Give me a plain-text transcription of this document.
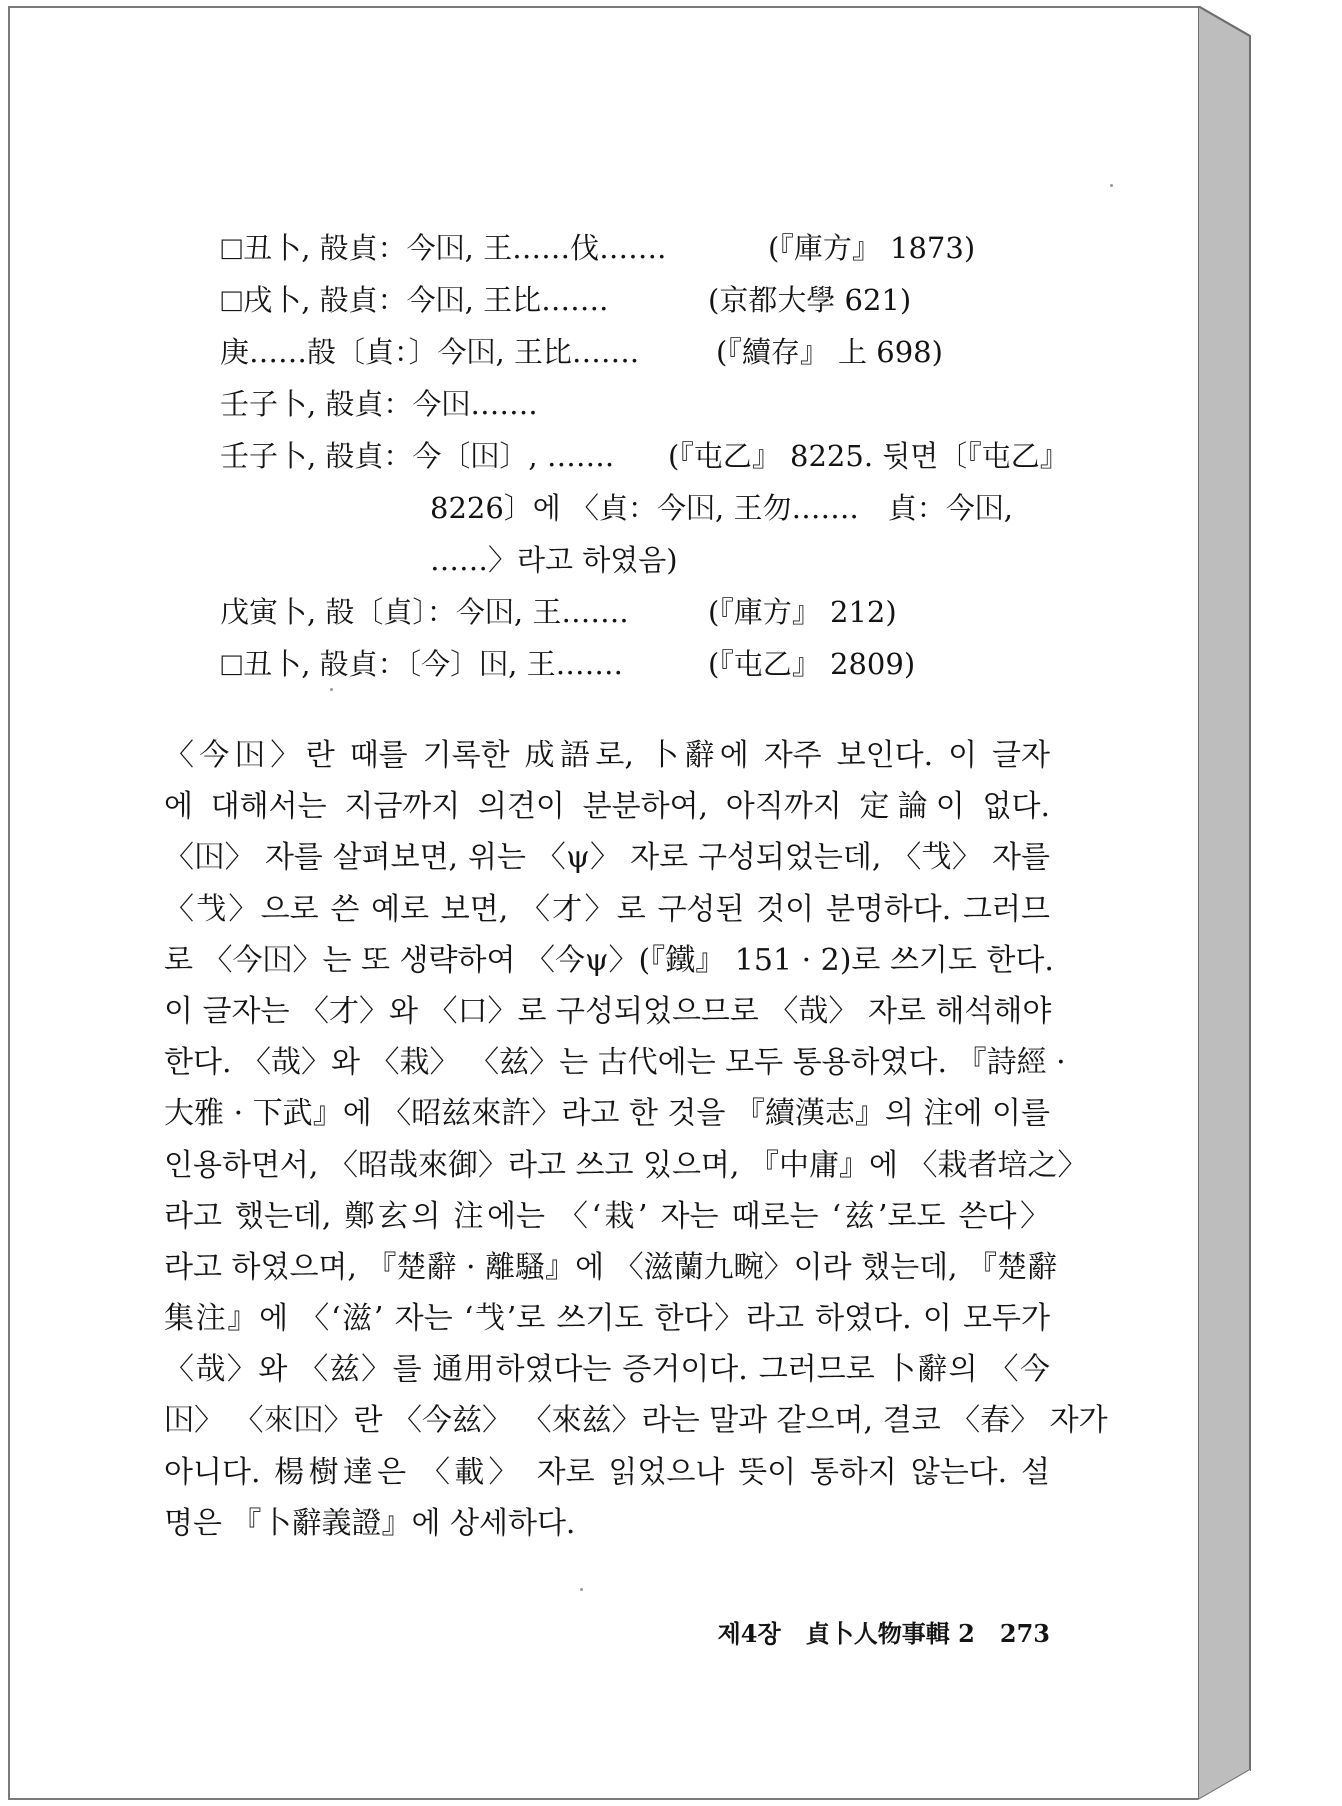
☐丑卜, 㱿貞：今𡆥, 王……伐…….	(『庫方』 1873)
☐戌卜, 㱿貞：今𡆥, 王比…….	(京都大學 621)
庚……㱿〔貞：〕今𡆥, 王比…….	(『續存』 上 698)
壬子卜, 㱿貞：今𡆥…….
壬子卜, 㱿貞：今〔𡆥〕, ……. (『屯乙』 8225. 뒷면〔『屯乙』
8226〕에 〈貞：今𡆥, 王勿…….　貞：今𡆥,
……〉라고 하였음)
戊寅卜, 㱿〔貞〕：今𡆥, 王…….	(『庫方』 212)
☐丑卜, 㱿貞：〔今〕𡆥, 王…….	(『屯乙』 2809)
〈今𡆥〉란 때를 기록한 成語로, 卜辭에 자주 보인다. 이 글자
에 대해서는 지금까지 의견이 분분하여, 아직까지 定論이 없다.
〈𡆥〉 자를 살펴보면, 위는 〈ψ〉 자로 구성되었는데, 〈𢦏〉 자를
〈𢦏〉으로 쓴 예로 보면, 〈才〉로 구성된 것이 분명하다. 그러므
로 〈今𡆥〉는 또 생략하여 〈今ψ〉(『鐵』 151 · 2)로 쓰기도 한다.
이 글자는 〈才〉와 〈口〉로 구성되었으므로 〈哉〉 자로 해석해야
한다. 〈哉〉와 〈栽〉 〈兹〉는 古代에는 모두 통용하였다. 『詩經 ·
大雅 · 下武』에 〈昭兹來許〉라고 한 것을 『續漢志』의 注에 이를
인용하면서, 〈昭哉來御〉라고 쓰고 있으며, 『中庸』에 〈栽者培之〉
라고 했는데, 鄭玄의 注에는 〈‘栽’ 자는 때로는 ‘兹’로도 쓴다〉
라고 하였으며, 『楚辭 · 離騷』에 〈滋蘭九畹〉이라 했는데, 『楚辭
集注』에 〈‘滋’ 자는 ‘𢦏’로 쓰기도 한다〉라고 하였다. 이 모두가
〈哉〉와 〈兹〉를 通用하였다는 증거이다. 그러므로 卜辭의 〈今
𡆥〉 〈來𡆥〉란 〈今兹〉 〈來兹〉라는 말과 같으며, 결코 〈春〉 자가
아니다. 楊樹達은 〈載〉 자로 읽었으나 뜻이 통하지 않는다. 설
명은 『卜辭義證』에 상세하다.
제4장 貞卜人物事輯 2 273
